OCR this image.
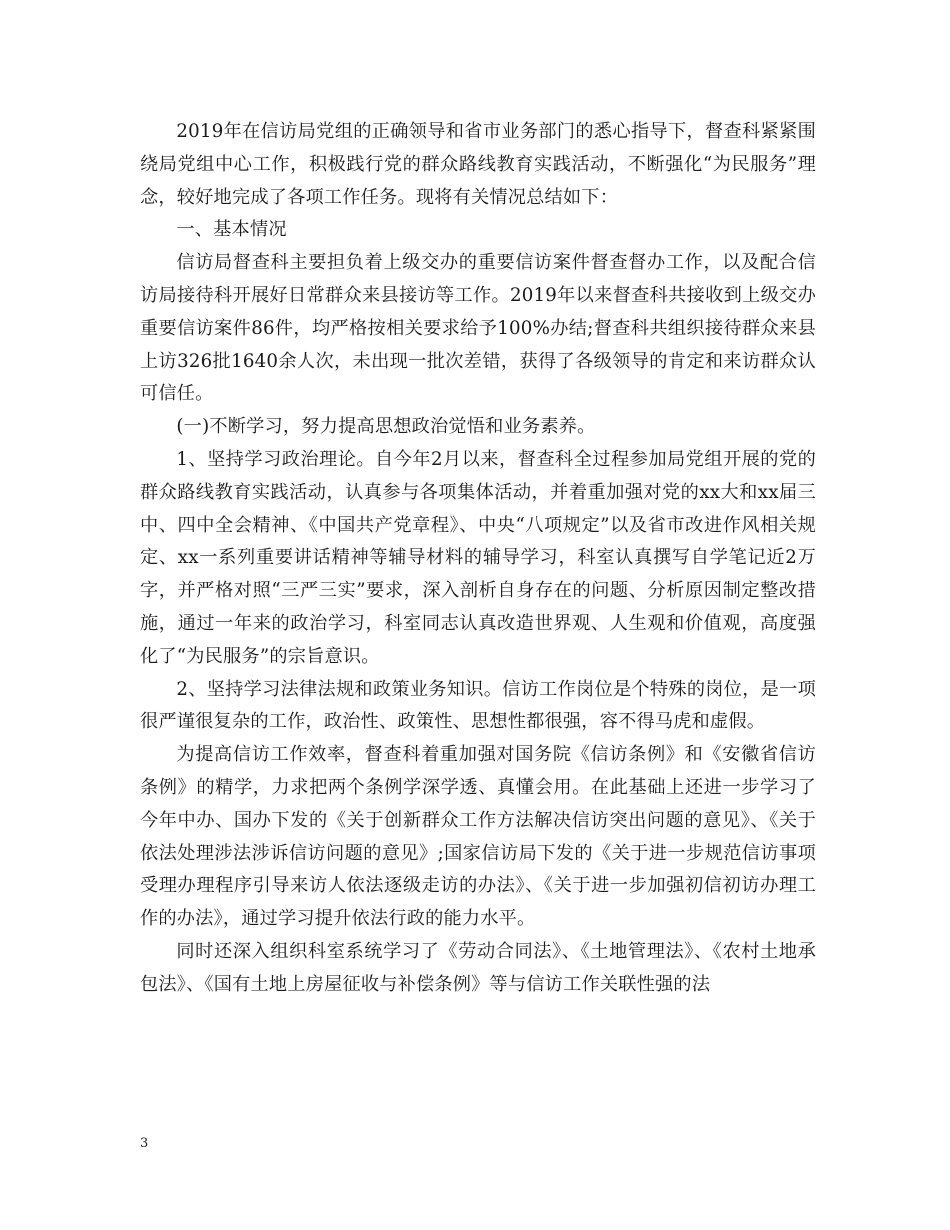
2019年在信访局党组的正确领导和省市业务部门的悉心指导下，督查科紧紧围绕局党组中心工作，积极践行党的群众路线教育实践活动，不断强化“为民服务”理念，较好地完成了各项工作任务。现将有关情况总结如下：

一、基本情况

信访局督查科主要担负着上级交办的重要信访案件督查督办工作，以及配合信访局接待科开展好日常群众来县接访等工作。2019年以来督查科共接收到上级交办重要信访案件86件，均严格按相关要求给予100%办结;督查科共组织接待群众来县上访326批1640余人次，未出现一批次差错，获得了各级领导的肯定和来访群众认可信任。

(一)不断学习，努力提高思想政治觉悟和业务素养。

1、坚持学习政治理论。自今年2月以来，督查科全过程参加局党组开展的党的群众路线教育实践活动，认真参与各项集体活动，并着重加强对党的xx大和xx届三中、四中全会精神、《中国共产党章程》、中央“八项规定”以及省市改进作风相关规定、xx一系列重要讲话精神等辅导材料的辅导学习，科室认真撰写自学笔记近2万字，并严格对照“三严三实”要求，深入剖析自身存在的问题、分析原因制定整改措施，通过一年来的政治学习，科室同志认真改造世界观、人生观和价值观，高度强化了“为民服务”的宗旨意识。

2、坚持学习法律法规和政策业务知识。信访工作岗位是个特殊的岗位，是一项很严谨很复杂的工作，政治性、政策性、思想性都很强，容不得马虎和虚假。

为提高信访工作效率，督查科着重加强对国务院《信访条例》和《安徽省信访条例》的精学，力求把两个条例学深学透、真懂会用。在此基础上还进一步学习了今年中办、国办下发的《关于创新群众工作方法解决信访突出问题的意见》、《关于依法处理涉法涉诉信访问题的意见》;国家信访局下发的《关于进一步规范信访事项受理办理程序引导来访人依法逐级走访的办法》、《关于进一步加强初信初访办理工作的办法》，通过学习提升依法行政的能力水平。

同时还深入组织科室系统学习了《劳动合同法》、《土地管理法》、《农村土地承包法》、《国有土地上房屋征收与补偿条例》等与信访工作关联性强的法

3
